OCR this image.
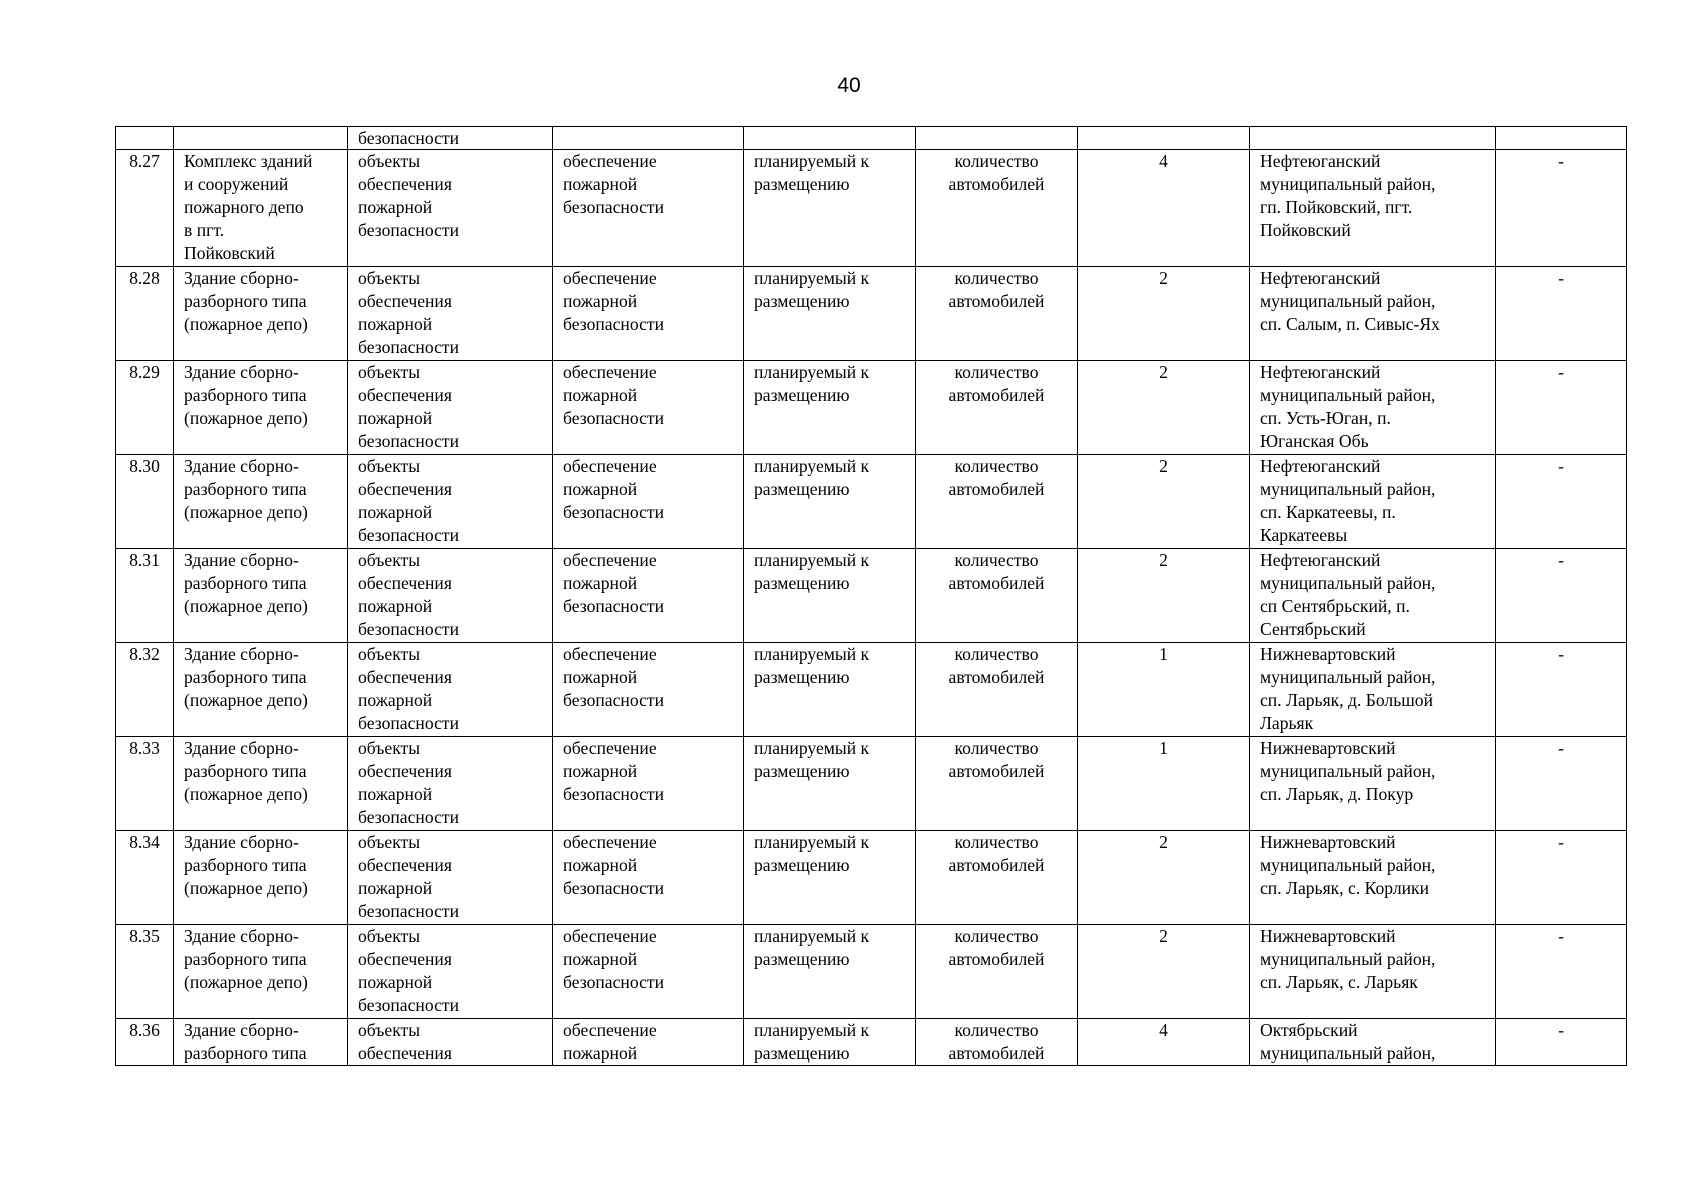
40
		безопасности						
8.27	Комплекс зданий
и сооружений
пожарного депо
в пгт.
Пойковский	объекты
обеспечения
пожарной
безопасности	обеспечение
пожарной
безопасности	планируемый к
размещению	количество
автомобилей	4	Нефтеюганский
муниципальный район,
гп. Пойковский, пгт.
Пойковский	-
8.28	Здание сборно-
разборного типа
(пожарное депо)	объекты
обеспечения
пожарной
безопасности	обеспечение
пожарной
безопасности	планируемый к
размещению	количество
автомобилей	2	Нефтеюганский
муниципальный район,
сп. Салым, п. Сивыс-Ях	-
8.29	Здание сборно-
разборного типа
(пожарное депо)	объекты
обеспечения
пожарной
безопасности	обеспечение
пожарной
безопасности	планируемый к
размещению	количество
автомобилей	2	Нефтеюганский
муниципальный район,
сп. Усть-Юган, п.
Юганская Обь	-
8.30	Здание сборно-
разборного типа
(пожарное депо)	объекты
обеспечения
пожарной
безопасности	обеспечение
пожарной
безопасности	планируемый к
размещению	количество
автомобилей	2	Нефтеюганский
муниципальный район,
сп. Каркатеевы, п.
Каркатеевы	-
8.31	Здание сборно-
разборного типа
(пожарное депо)	объекты
обеспечения
пожарной
безопасности	обеспечение
пожарной
безопасности	планируемый к
размещению	количество
автомобилей	2	Нефтеюганский
муниципальный район,
сп Сентябрьский, п.
Сентябрьский	-
8.32	Здание сборно-
разборного типа
(пожарное депо)	объекты
обеспечения
пожарной
безопасности	обеспечение
пожарной
безопасности	планируемый к
размещению	количество
автомобилей	1	Нижневартовский
муниципальный район,
сп. Ларьяк, д. Большой
Ларьяк	-
8.33	Здание сборно-
разборного типа
(пожарное депо)	объекты
обеспечения
пожарной
безопасности	обеспечение
пожарной
безопасности	планируемый к
размещению	количество
автомобилей	1	Нижневартовский
муниципальный район,
сп. Ларьяк, д. Покур	-
8.34	Здание сборно-
разборного типа
(пожарное депо)	объекты
обеспечения
пожарной
безопасности	обеспечение
пожарной
безопасности	планируемый к
размещению	количество
автомобилей	2	Нижневартовский
муниципальный район,
сп. Ларьяк, с. Корлики	-
8.35	Здание сборно-
разборного типа
(пожарное депо)	объекты
обеспечения
пожарной
безопасности	обеспечение
пожарной
безопасности	планируемый к
размещению	количество
автомобилей	2	Нижневартовский
муниципальный район,
сп. Ларьяк, с. Ларьяк	-
8.36	Здание сборно-
разборного типа	объекты
обеспечения	обеспечение
пожарной	планируемый к
размещению	количество
автомобилей	4	Октябрьский
муниципальный район,	-
